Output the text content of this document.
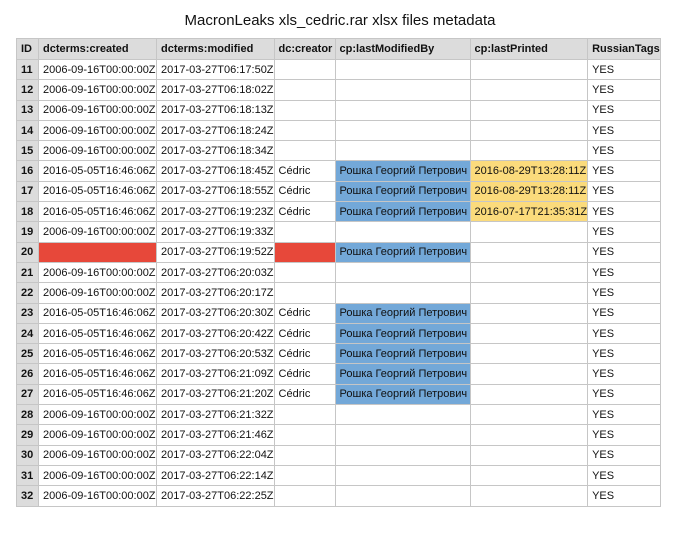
MacronLeaks xls_cedric.rar xlsx files metadata
ID	dcterms:created	dcterms:modified	dc:creator	cp:lastModifiedBy	cp:lastPrinted	RussianTags
11	2006-09-16T00:00:00Z	2017-03-27T06:17:50Z				YES
12	2006-09-16T00:00:00Z	2017-03-27T06:18:02Z				YES
13	2006-09-16T00:00:00Z	2017-03-27T06:18:13Z				YES
14	2006-09-16T00:00:00Z	2017-03-27T06:18:24Z				YES
15	2006-09-16T00:00:00Z	2017-03-27T06:18:34Z				YES
16	2016-05-05T16:46:06Z	2017-03-27T06:18:45Z	Cédric	Рошка Георгий Петрович	2016-08-29T13:28:11Z	YES
17	2016-05-05T16:46:06Z	2017-03-27T06:18:55Z	Cédric	Рошка Георгий Петрович	2016-08-29T13:28:11Z	YES
18	2016-05-05T16:46:06Z	2017-03-27T06:19:23Z	Cédric	Рошка Георгий Петрович	2016-07-17T21:35:31Z	YES
19	2006-09-16T00:00:00Z	2017-03-27T06:19:33Z				YES
20		2017-03-27T06:19:52Z		Рошка Георгий Петрович		YES
21	2006-09-16T00:00:00Z	2017-03-27T06:20:03Z				YES
22	2006-09-16T00:00:00Z	2017-03-27T06:20:17Z				YES
23	2016-05-05T16:46:06Z	2017-03-27T06:20:30Z	Cédric	Рошка Георгий Петрович		YES
24	2016-05-05T16:46:06Z	2017-03-27T06:20:42Z	Cédric	Рошка Георгий Петрович		YES
25	2016-05-05T16:46:06Z	2017-03-27T06:20:53Z	Cédric	Рошка Георгий Петрович		YES
26	2016-05-05T16:46:06Z	2017-03-27T06:21:09Z	Cédric	Рошка Георгий Петрович		YES
27	2016-05-05T16:46:06Z	2017-03-27T06:21:20Z	Cédric	Рошка Георгий Петрович		YES
28	2006-09-16T00:00:00Z	2017-03-27T06:21:32Z				YES
29	2006-09-16T00:00:00Z	2017-03-27T06:21:46Z				YES
30	2006-09-16T00:00:00Z	2017-03-27T06:22:04Z				YES
31	2006-09-16T00:00:00Z	2017-03-27T06:22:14Z				YES
32	2006-09-16T00:00:00Z	2017-03-27T06:22:25Z				YES
